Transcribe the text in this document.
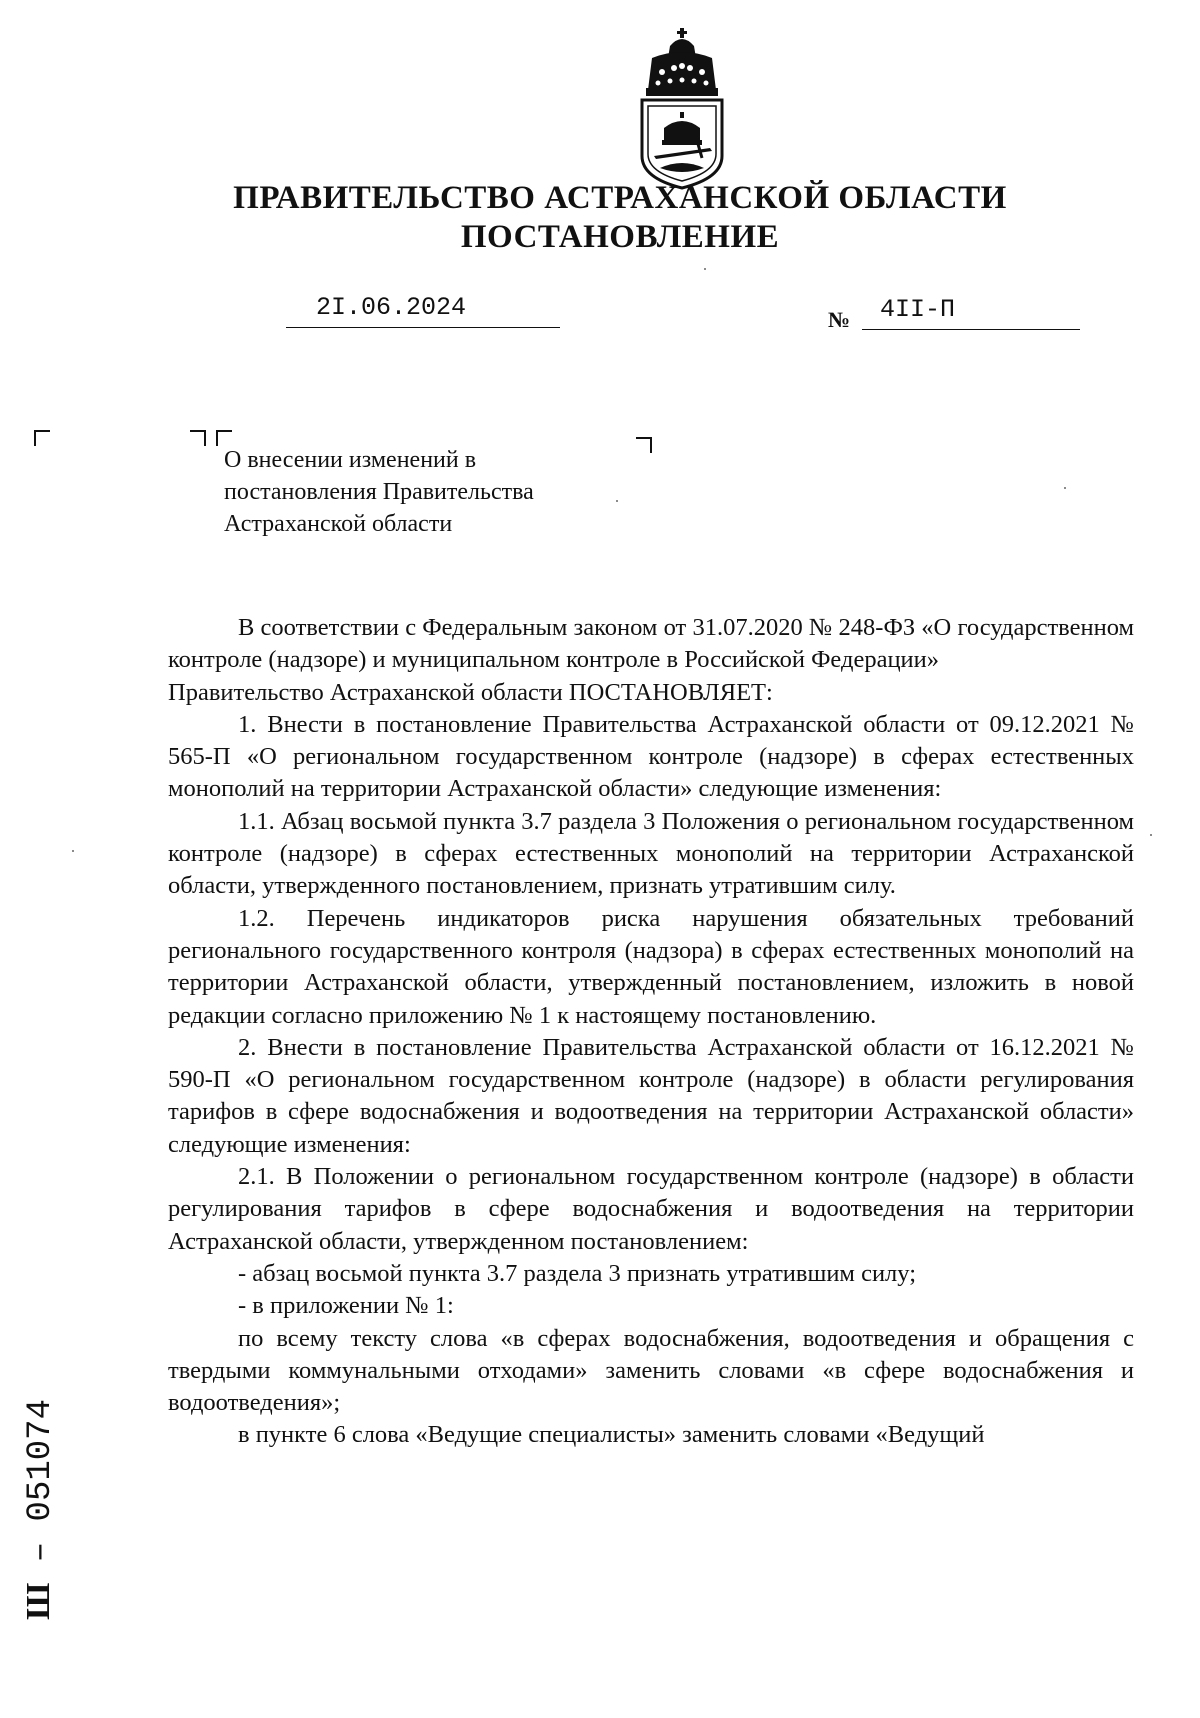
ПРАВИТЕЛЬСТВО АСТРАХАНСКОЙ ОБЛАСТИ
ПОСТАНОВЛЕНИЕ
2I.06.2024	№ 4II-П
О внесении изменений в
постановления Правительства
Астраханской области

В соответствии с Федеральным законом от 31.07.2020 № 248-ФЗ «О государственном контроле (надзоре) и муниципальном контроле в Российской Федерации»

Правительство Астраханской области ПОСТАНОВЛЯЕТ:

1. Внести в постановление Правительства Астраханской области от 09.12.2021 № 565-П «О региональном государственном контроле (надзоре) в сферах естественных монополий на территории Астраханской области» следующие изменения:

1.1. Абзац восьмой пункта 3.7 раздела 3 Положения о региональном государственном контроле (надзоре) в сферах естественных монополий на территории Астраханской области, утвержденного постановлением, признать утратившим силу.

1.2. Перечень индикаторов риска нарушения обязательных требований регионального государственного контроля (надзора) в сферах естественных монополий на территории Астраханской области, утвержденный постановлением, изложить в новой редакции согласно приложению № 1 к настоящему постановлению.

2. Внести в постановление Правительства Астраханской области от 16.12.2021 № 590-П «О региональном государственном контроле (надзоре) в области регулирования тарифов в сфере водоснабжения и водоотведения на территории Астраханской области» следующие изменения:

2.1. В Положении о региональном государственном контроле (надзоре) в области регулирования тарифов в сфере водоснабжения и водоотведения на территории Астраханской области, утвержденном постановлением:

- абзац восьмой пункта 3.7 раздела 3 признать утратившим силу;

- в приложении № 1:

по всему тексту слова «в сферах водоснабжения, водоотведения и обращения с твердыми коммунальными отходами» заменить словами «в сфере водоснабжения и водоотведения»;

в пункте 6 слова «Ведущие специалисты» заменить словами «Ведущий

Ш – 051074
